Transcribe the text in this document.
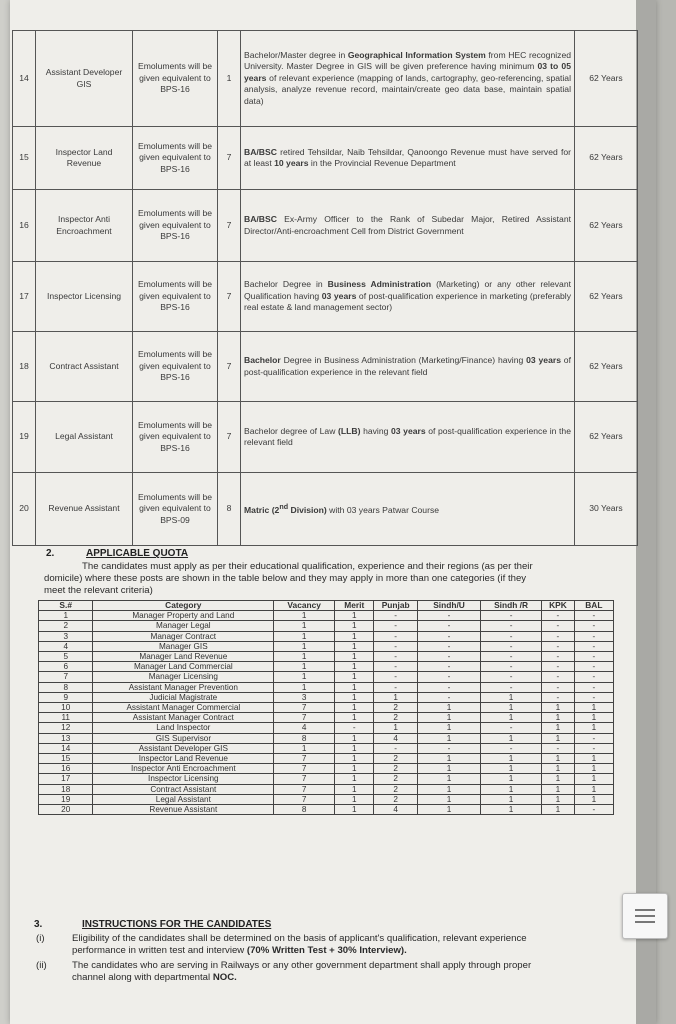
14	Assistant Developer GIS	Emoluments will be given equivalent to BPS-16	1	Bachelor/Master degree in Geographical Information System from HEC recognized University. Master Degree in GIS will be given preference having minimum 03 to 05 years of relevant experience (mapping of lands, cartography, geo-referencing, spatial analysis, analyze revenue record, maintain/create geo data base, maintain spatial data)	62 Years
15	Inspector Land Revenue	Emoluments will be given equivalent to BPS-16	7	BA/BSC retired Tehsildar, Naib Tehsildar, Qanoongo Revenue must have served for at least 10 years in the Provincial Revenue Department	62 Years
16	Inspector Anti Encroachment	Emoluments will be given equivalent to BPS-16	7	BA/BSC Ex-Army Officer to the Rank of Subedar Major, Retired Assistant Director/Anti-encroachment Cell from District Government	62 Years
17	Inspector Licensing	Emoluments will be given equivalent to BPS-16	7	Bachelor Degree in Business Administration (Marketing) or any other relevant Qualification having 03 years of post-qualification experience in marketing (preferably real estate & land management sector)	62 Years
18	Contract Assistant	Emoluments will be given equivalent to BPS-16	7	Bachelor Degree in Business Administration (Marketing/Finance) having 03 years of post-qualification experience in the relevant field	62 Years
19	Legal Assistant	Emoluments will be given equivalent to BPS-16	7	Bachelor degree of Law (LLB) having 03 years of post-qualification experience in the relevant field	62 Years
20	Revenue Assistant	Emoluments will be given equivalent to BPS-09	8	Matric (2nd Division) with 03 years Patwar Course	30 Years
2.	APPLICABLE QUOTA
The candidates must apply as per their educational qualification, experience and their regions (as per their
domicile) where these posts are shown in the table below and they may apply in more than one categories (if they
meet the relevant criteria)
S.#	Category	Vacancy	Merit	Punjab	Sindh/U	Sindh /R	KPK	BAL
1	Manager Property and Land	1	1	-	-	-	-	-
2	Manager Legal	1	1	-	-	-	-	-
3	Manager Contract	1	1	-	-	-	-	-
4	Manager GIS	1	1	-	-	-	-	-
5	Manager Land Revenue	1	1	-	-	-	-	-
6	Manager Land Commercial	1	1	-	-	-	-	-
7	Manager Licensing	1	1	-	-	-	-	-
8	Assistant Manager Prevention	1	1	-	-	-	-	-
9	Judicial Magistrate	3	1	1	-	1	-	-
10	Assistant Manager Commercial	7	1	2	1	1	1	1
11	Assistant Manager Contract	7	1	2	1	1	1	1
12	Land Inspector	4	-	1	1	-	1	1
13	GIS Supervisor	8	1	4	1	1	1	-
14	Assistant Developer GIS	1	1	-	-	-	-	-
15	Inspector Land Revenue	7	1	2	1	1	1	1
16	Inspector Anti Encroachment	7	1	2	1	1	1	1
17	Inspector Licensing	7	1	2	1	1	1	1
18	Contract Assistant	7	1	2	1	1	1	1
19	Legal Assistant	7	1	2	1	1	1	1
20	Revenue Assistant	8	1	4	1	1	1	-
3.	INSTRUCTIONS FOR THE CANDIDATES
(i)	Eligibility of the candidates shall be determined on the basis of applicant's qualification, relevant experience
performance in written test and interview (70% Written Test + 30% Interview).
(ii)	The candidates who are serving in Railways or any other government department shall apply through proper
channel along with departmental NOC.
